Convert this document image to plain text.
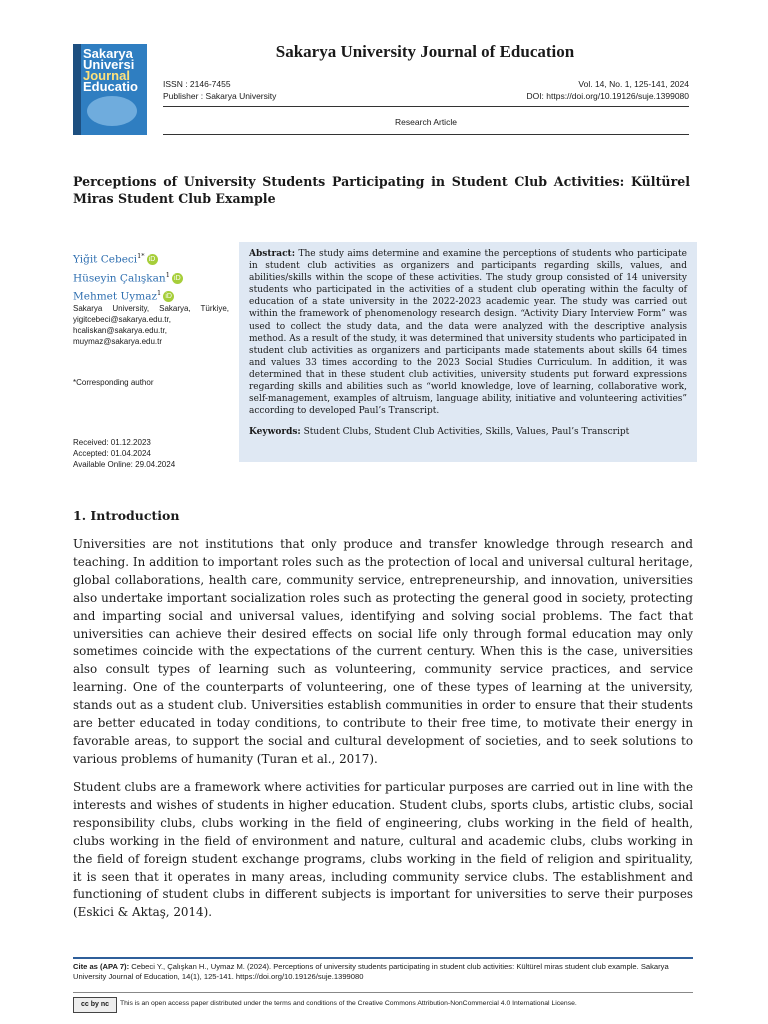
Sakarya
Universi
Journal
Educatio
Sakarya University Journal of Education
ISSN : 2146-7455
Publisher : Sakarya University
Vol. 14, No. 1, 125-141, 2024
DOI: https://doi.org/10.19126/suje.1399080
Research Article
Perceptions of University Students Participating in Student Club Activities: Kültürel Miras Student Club Example
Yiğit Cebeci$^{1*}$ iD
Hüseyin Çalışkan$^1$ iD
Mehmet Uymaz$^1$ iD
Sakarya University, Sakarya, Türkiye, yigitcebeci@sakarya.edu.tr, hcaliskan@sakarya.edu.tr, muymaz@sakarya.edu.tr
*Corresponding author
Received: 01.12.2023
Accepted: 01.04.2024
Available Online: 29.04.2024
Abstract: The study aims determine and examine the perceptions of students who participate in student club activities as organizers and participants regarding skills, values, and abilities/skills within the scope of these activities. The study group consisted of 14 university students who participated in the activities of a student club operating within the faculty of education of a state university in the 2022-2023 academic year. The study was carried out within the framework of phenomenology research design. “Activity Diary Interview Form” was used to collect the study data, and the data were analyzed with the descriptive analysis method. As a result of the study, it was determined that university students who participated in student club activities as organizers and participants made statements about skills 64 times and values 33 times according to the 2023 Social Studies Curriculum. In addition, it was determined that in these student club activities, university students put forward expressions regarding skills and abilities such as “world knowledge, love of learning, collaborative work, self-management, examples of altruism, language ability, initiative and volunteering activities” according to developed Paul’s Transcript.
Keywords: Student Clubs, Student Club Activities, Skills, Values, Paul’s Transcript
1. Introduction
Universities are not institutions that only produce and transfer knowledge through research and teaching. In addition to important roles such as the protection of local and universal cultural heritage, global collaborations, health care, community service, entrepreneurship, and innovation, universities also undertake important socialization roles such as protecting the general good in society, protecting and imparting social and universal values, identifying and solving social problems. The fact that universities can achieve their desired effects on social life only through formal education may only sometimes coincide with the expectations of the current century. When this is the case, universities also consult types of learning such as volunteering, community service practices, and service learning. One of the counterparts of volunteering, one of these types of learning at the university, stands out as a student club. Universities establish communities in order to ensure that their students are better educated in today conditions, to contribute to their free time, to motivate their energy in favorable areas, to support the social and cultural development of societies, and to seek solutions to various problems of humanity (Turan et al., 2017).
Student clubs are a framework where activities for particular purposes are carried out in line with the interests and wishes of students in higher education. Student clubs, sports clubs, artistic clubs, social responsibility clubs, clubs working in the field of engineering, clubs working in the field of health, clubs working in the field of environment and nature, cultural and academic clubs, clubs working in the field of foreign student exchange programs, clubs working in the field of religion and spirituality, it is seen that it operates in many areas, including community service clubs. The establishment and functioning of student clubs in different subjects is important for universities to serve their purposes (Eskici & Aktaş, 2014).
Cite as (APA 7): Cebeci Y., Çalışkan H., Uymaz M. (2024). Perceptions of university students participating in student club activities: Kültürel miras student club example. Sakarya University Journal of Education, 14(1), 125-141. https://doi.org/10.19126/suje.1399080
cc by nc	This is an open access paper distributed under the terms and conditions of the Creative Commons Attribution-NonCommercial 4.0 International License.
